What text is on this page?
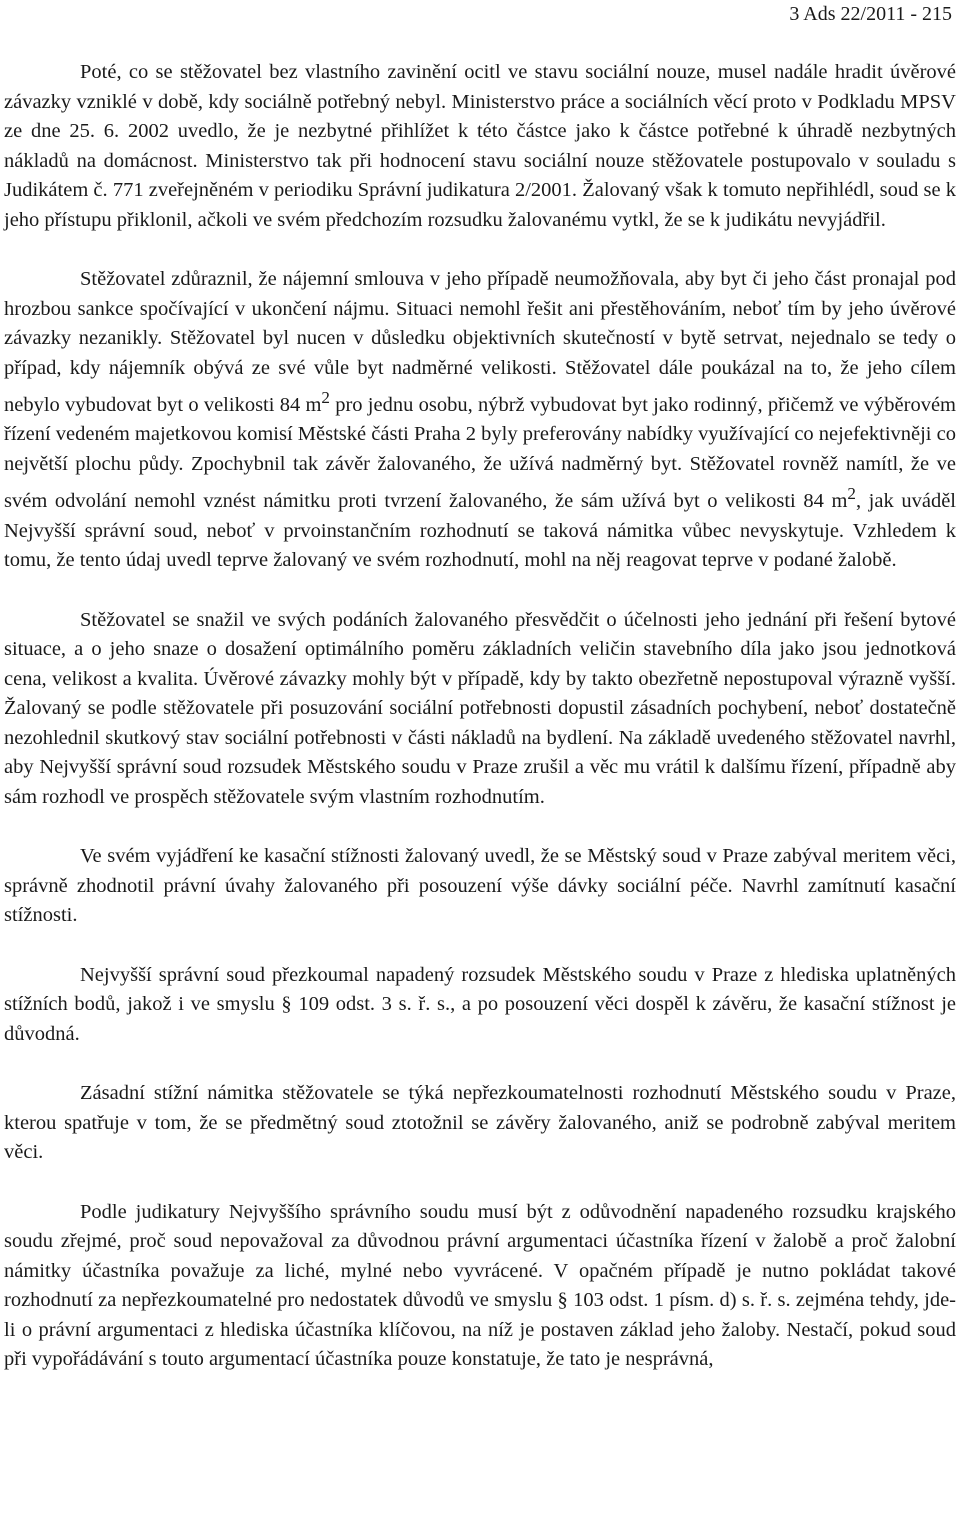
3 Ads 22/2011 - 215

Poté, co se stěžovatel bez vlastního zavinění ocitl ve stavu sociální nouze, musel nadále hradit úvěrové závazky vzniklé v době, kdy sociálně potřebný nebyl. Ministerstvo práce a sociálních věcí proto v Podkladu MPSV ze dne 25. 6. 2002 uvedlo, že je nezbytné přihlížet k této částce jako k částce potřebné k úhradě nezbytných nákladů na domácnost. Ministerstvo tak při hodnocení stavu sociální nouze stěžovatele postupovalo v souladu s Judikátem č. 771 zveřejněném v periodiku Správní judikatura 2/2001. Žalovaný však k tomuto nepřihlédl, soud se k jeho přístupu přiklonil, ačkoli ve svém předchozím rozsudku žalovanému vytkl, že se k judikátu nevyjádřil.

Stěžovatel zdůraznil, že nájemní smlouva v jeho případě neumožňovala, aby byt či jeho část pronajal pod hrozbou sankce spočívající v ukončení nájmu. Situaci nemohl řešit ani přestěhováním, neboť tím by jeho úvěrové závazky nezanikly. Stěžovatel byl nucen v důsledku objektivních skutečností v bytě setrvat, nejednalo se tedy o případ, kdy nájemník obývá ze své vůle byt nadměrné velikosti. Stěžovatel dále poukázal na to, že jeho cílem nebylo vybudovat byt o velikosti 84 $m^2$ pro jednu osobu, nýbrž vybudovat byt jako rodinný, přičemž ve výběrovém řízení vedeném majetkovou komisí Městské části Praha 2 byly preferovány nabídky využívající co nejefektivněji co největší plochu půdy. Zpochybnil tak závěr žalovaného, že užívá nadměrný byt. Stěžovatel rovněž namítl, že ve svém odvolání nemohl vznést námitku proti tvrzení žalovaného, že sám užívá byt o velikosti 84 $m^2$, jak uváděl Nejvyšší správní soud, neboť v prvoinstančním rozhodnutí se taková námitka vůbec nevyskytuje. Vzhledem k tomu, že tento údaj uvedl teprve žalovaný ve svém rozhodnutí, mohl na něj reagovat teprve v podané žalobě.

Stěžovatel se snažil ve svých podáních žalovaného přesvědčit o účelnosti jeho jednání při řešení bytové situace, a o jeho snaze o dosažení optimálního poměru základních veličin stavebního díla jako jsou jednotková cena, velikost a kvalita. Úvěrové závazky mohly být v případě, kdy by takto obezřetně nepostupoval výrazně vyšší. Žalovaný se podle stěžovatele při posuzování sociální potřebnosti dopustil zásadních pochybení, neboť dostatečně nezohlednil skutkový stav sociální potřebnosti v části nákladů na bydlení. Na základě uvedeného stěžovatel navrhl, aby Nejvyšší správní soud rozsudek Městského soudu v Praze zrušil a věc mu vrátil k dalšímu řízení, případně aby sám rozhodl ve prospěch stěžovatele svým vlastním rozhodnutím.

Ve svém vyjádření ke kasační stížnosti žalovaný uvedl, že se Městský soud v Praze zabýval meritem věci, správně zhodnotil právní úvahy žalovaného při posouzení výše dávky sociální péče. Navrhl zamítnutí kasační stížnosti.

Nejvyšší správní soud přezkoumal napadený rozsudek Městského soudu v Praze z hlediska uplatněných stížních bodů, jakož i ve smyslu § 109 odst. 3 s. ř. s., a po posouzení věci dospěl k závěru, že kasační stížnost je důvodná.

Zásadní stížní námitka stěžovatele se týká nepřezkoumatelnosti rozhodnutí Městského soudu v Praze, kterou spatřuje v tom, že se předmětný soud ztotožnil se závěry žalovaného, aniž se podrobně zabýval meritem věci.

Podle judikatury Nejvyššího správního soudu musí být z odůvodnění napadeného rozsudku krajského soudu zřejmé, proč soud nepovažoval za důvodnou právní argumentaci účastníka řízení v žalobě a proč žalobní námitky účastníka považuje za liché, mylné nebo vyvrácené. V opačném případě je nutno pokládat takové rozhodnutí za nepřezkoumatelné pro nedostatek důvodů ve smyslu § 103 odst. 1 písm. d) s. ř. s. zejména tehdy, jde-li o právní argumentaci z hlediska účastníka klíčovou, na níž je postaven základ jeho žaloby. Nestačí, pokud soud při vypořádávání s touto argumentací účastníka pouze konstatuje, že tato je nesprávná,
